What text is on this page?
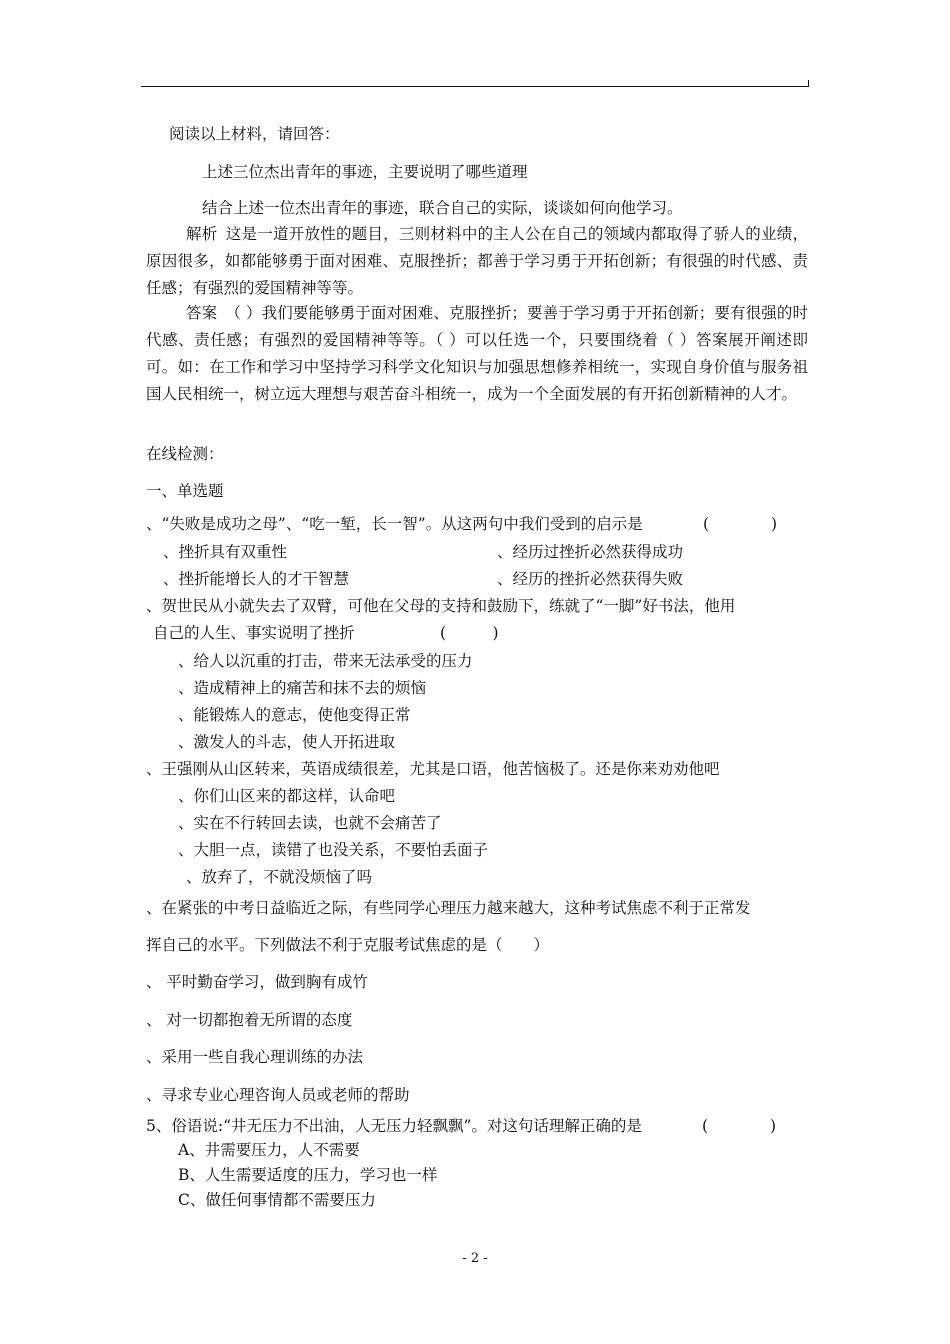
阅读以上材料，请回答：
上述三位杰出青年的事迹，主要说明了哪些道理
结合上述一位杰出青年的事迹，联合自己的实际，谈谈如何向他学习。
解析 这是一道开放性的题目，三则材料中的主人公在自己的领域内都取得了骄人的业绩，原因很多，如都能够勇于面对困难、克服挫折；都善于学习勇于开拓创新；有很强的时代感、责任感；有强烈的爱国精神等等。
答案 （ ）我们要能够勇于面对困难、克服挫折；要善于学习勇于开拓创新；要有很强的时代感、责任感；有强烈的爱国精神等等。（ ）可以任选一个，只要围绕着（ ）答案展开阐述即可。如：在工作和学习中坚持学习科学文化知识与加强思想修养相统一，实现自身价值与服务祖国人民相统一，树立远大理想与艰苦奋斗相统一，成为一个全面发展的有开拓创新精神的人才。
在线检测：
一、单选题
、“失败是成功之母”、“吃一堑，长一智”。从这两句中我们受到的启示是	(　　　　)
、挫折具有双重性	、经历过挫折必然获得成功
、挫折能增长人的才干智慧	、经历的挫折必然获得失败
、贺世民从小就失去了双臂，可他在父母的支持和鼓励下，练就了“一脚”好书法，他用
自己的人生、事实说明了挫折	(　　　)
、给人以沉重的打击，带来无法承受的压力
、造成精神上的痛苦和抹不去的烦恼
、能锻炼人的意志，使他变得正常
、激发人的斗志，使人开拓进取
、王强刚从山区转来，英语成绩很差，尤其是口语，他苦恼极了。还是你来劝劝他吧
、你们山区来的都这样，认命吧
、实在不行转回去读，也就不会痛苦了
、大胆一点，读错了也没关系，不要怕丢面子
、放弃了，不就没烦恼了吗
、在紧张的中考日益临近之际，有些同学心理压力越来越大，这种考试焦虑不利于正常发
挥自己的水平。下列做法不利于克服考试焦虑的是（　　）
、 平时勤奋学习，做到胸有成竹
、 对一切都抱着无所谓的态度
、采用一些自我心理训练的办法
、寻求专业心理咨询人员或老师的帮助
5、俗语说:“井无压力不出油，人无压力轻飘飘”。对这句话理解正确的是	(　　　　)
A、井需要压力，人不需要
B、人生需要适度的压力，学习也一样
C、做任何事情都不需要压力
- 2 -
